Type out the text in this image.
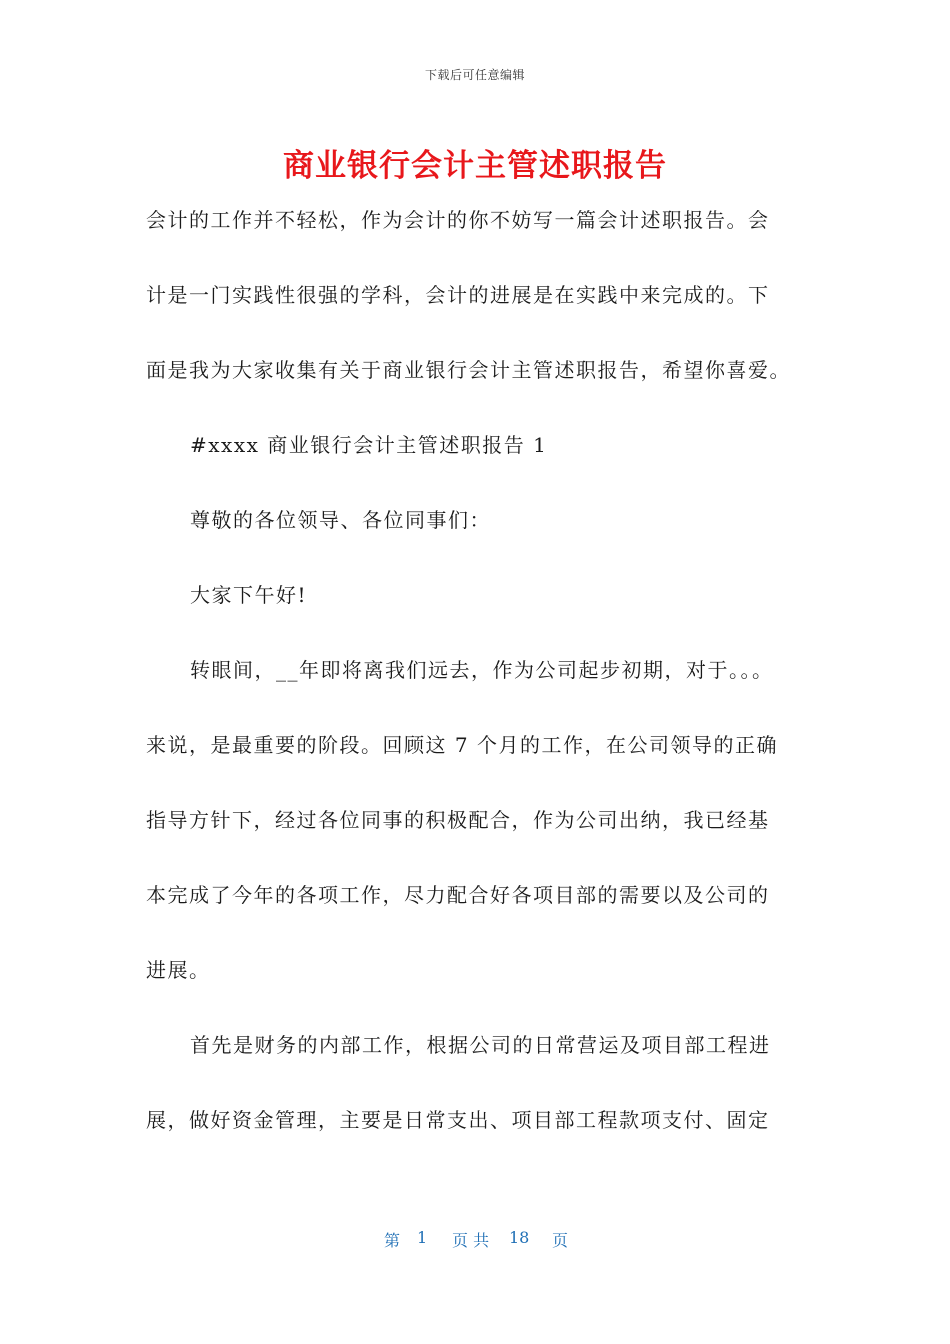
下载后可任意编辑
商业银行会计主管述职报告
会计的工作并不轻松，作为会计的你不妨写一篇会计述职报告。会
计是一门实践性很强的学科，会计的进展是在实践中来完成的。下
面是我为大家收集有关于商业银行会计主管述职报告，希望你喜爱。
#xxxx 商业银行会计主管述职报告 1
尊敬的各位领导、各位同事们：
大家下午好!
转眼间，__年即将离我们远去，作为公司起步初期，对于。。。
来说，是最重要的阶段。回顾这 7 个月的工作，在公司领导的正确
指导方针下，经过各位同事的积极配合，作为公司出纳，我已经基
本完成了今年的各项工作，尽力配合好各项目部的需要以及公司的
进展。
首先是财务的内部工作，根据公司的日常营运及项目部工程进
展，做好资金管理，主要是日常支出、项目部工程款项支付、固定
第 1 页 共 18 页
